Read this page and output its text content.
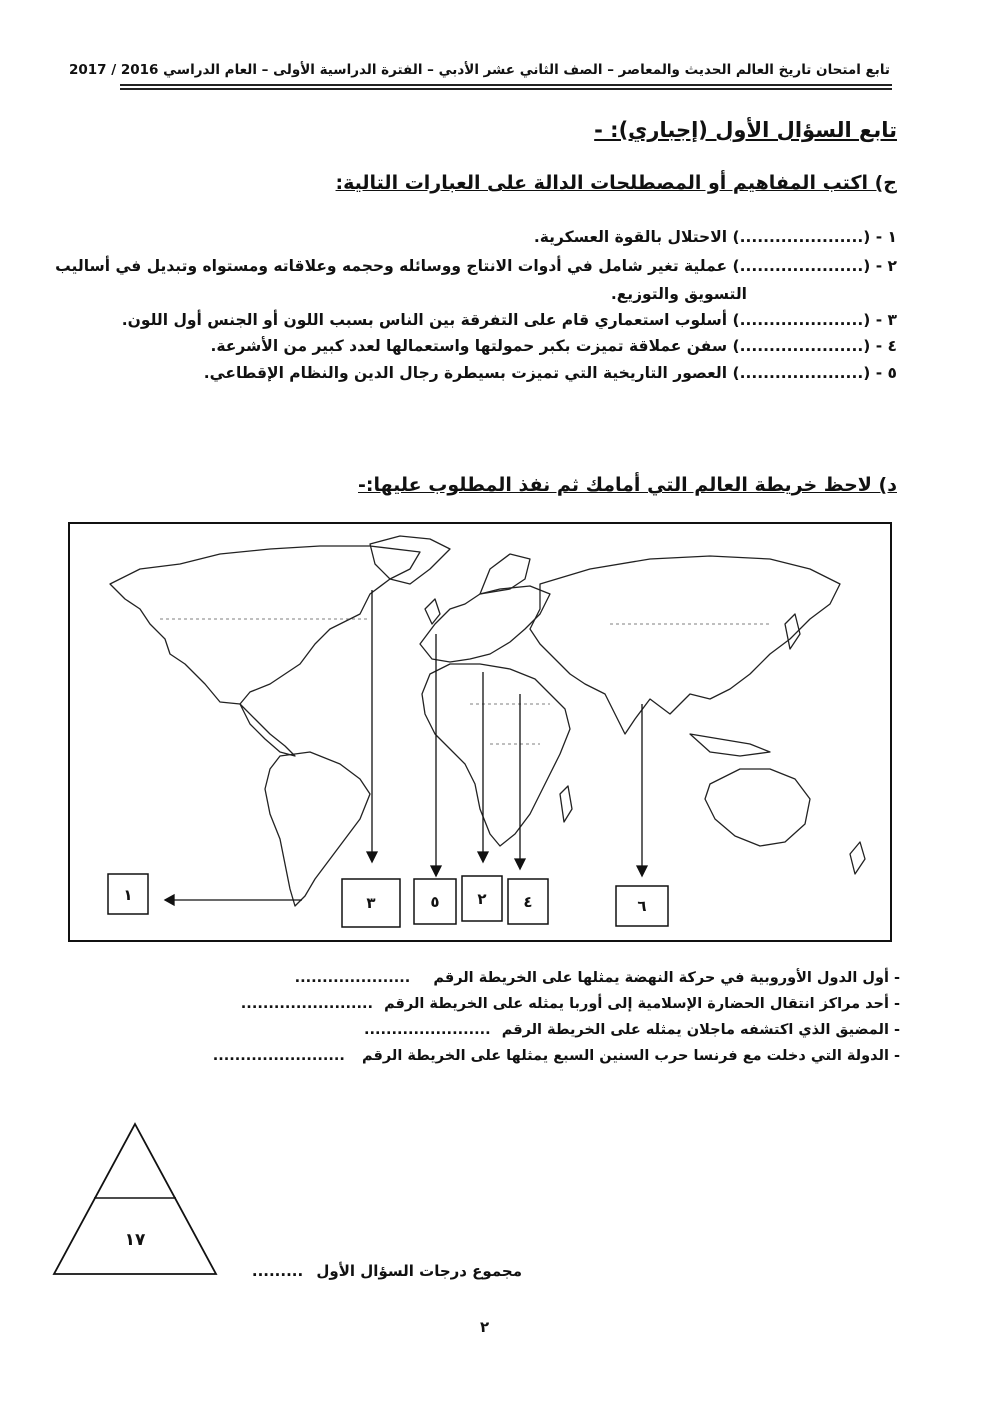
تابع امتحان تاريخ العالم الحديث والمعاصر – الصف الثاني عشر الأدبي – الفترة الدراسية الأولى – العام الدراسي 2016 / 2017
تابع السؤال الأول (إجباري): -
ج) اكتب المفاهيم أو المصطلحات الدالة على العبارات التالية:
١ - (.....................) الاحتلال بالقوة العسكرية.
٢ - (.....................) عملية تغير شامل في أدوات الانتاج ووسائله وحجمه وعلاقاته ومستواه وتبديل في أساليب
التسويق والتوزيع.
٣ - (.....................) أسلوب استعماري قام على التفرقة بين الناس بسبب اللون أو الجنس أول اللون.
٤ - (.....................) سفن عملاقة تميزت بكبر حمولتها واستعمالها لعدد كبير من الأشرعة.
٥ - (.....................) العصور التاريخية التي تميزت بسيطرة رجال الدين والنظام الإقطاعي.
د) لاحظ خريطة العالم التي أمامك ثم نفذ المطلوب عليها:-
١	٣	٥	٢ ٤	٦
- أول الدول الأوروبية في حركة النهضة يمثلها على الخريطة الرقم .....................
- أحد مراكز انتقال الحضارة الإسلامية إلى أوربا يمثله على الخريطة الرقم ........................
- المضيق الذي اكتشفه ماجلان يمثله على الخريطة الرقم .......................
- الدولة التي دخلت مع فرنسا حرب السنين السبع يمثلها على الخريطة الرقم ........................
١٧
مجموع درجات السؤال الأول .........
٢
